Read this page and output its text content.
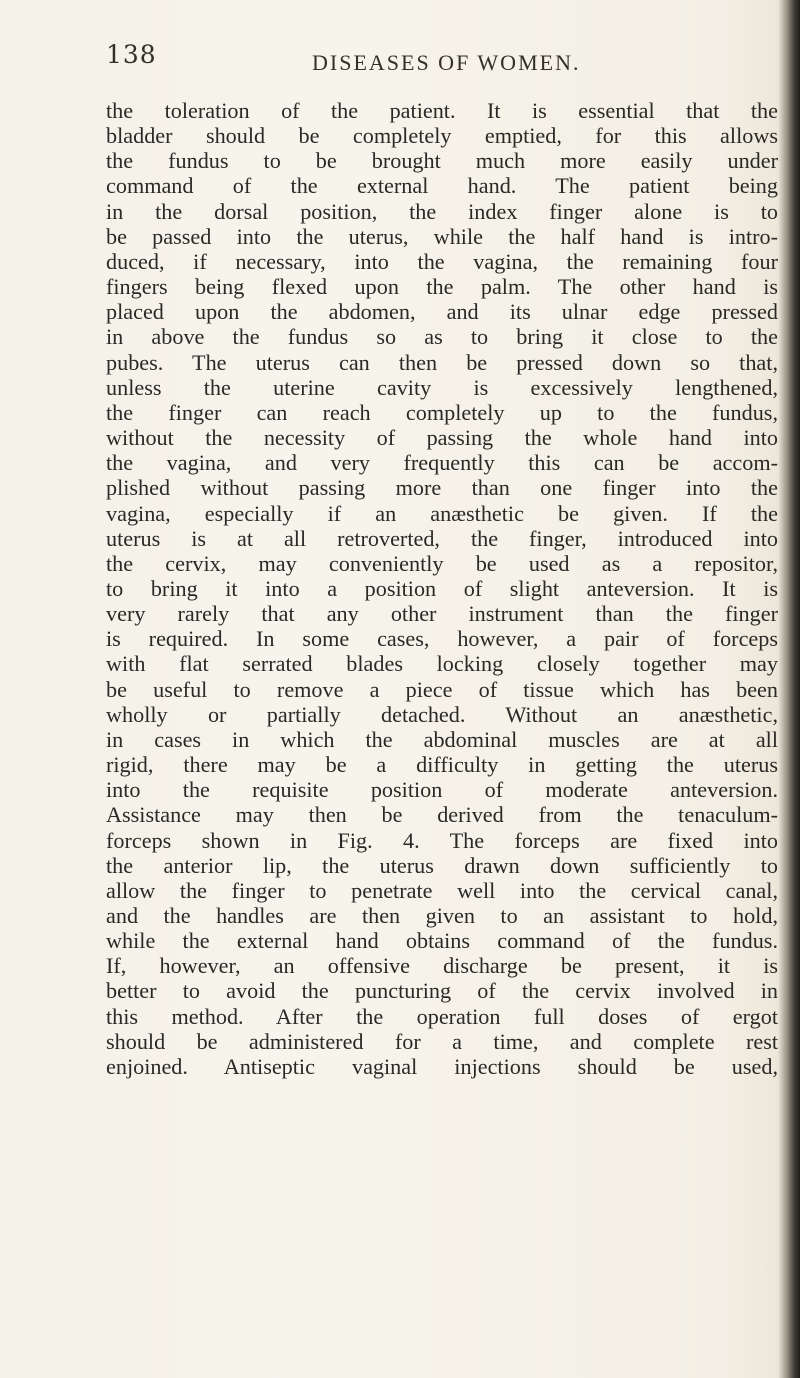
138	DISEASES OF WOMEN.
the toleration of the patient. It is essential that the
bladder should be completely emptied, for this allows
the fundus to be brought much more easily under
command of the external hand. The patient being
in the dorsal position, the index finger alone is to
be passed into the uterus, while the half hand is intro-
duced, if necessary, into the vagina, the remaining four
fingers being flexed upon the palm. The other hand is
placed upon the abdomen, and its ulnar edge pressed
in above the fundus so as to bring it close to the
pubes. The uterus can then be pressed down so that,
unless the uterine cavity is excessively lengthened,
the finger can reach completely up to the fundus,
without the necessity of passing the whole hand into
the vagina, and very frequently this can be accom-
plished without passing more than one finger into the
vagina, especially if an anæsthetic be given. If the
uterus is at all retroverted, the finger, introduced into
the cervix, may conveniently be used as a repositor,
to bring it into a position of slight anteversion. It is
very rarely that any other instrument than the finger
is required. In some cases, however, a pair of forceps
with flat serrated blades locking closely together may
be useful to remove a piece of tissue which has been
wholly or partially detached. Without an anæsthetic,
in cases in which the abdominal muscles are at all
rigid, there may be a difficulty in getting the uterus
into the requisite position of moderate anteversion.
Assistance may then be derived from the tenaculum-
forceps shown in Fig. 4. The forceps are fixed into
the anterior lip, the uterus drawn down sufficiently to
allow the finger to penetrate well into the cervical canal,
and the handles are then given to an assistant to hold,
while the external hand obtains command of the fundus.
If, however, an offensive discharge be present, it is
better to avoid the puncturing of the cervix involved in
this method. After the operation full doses of ergot
should be administered for a time, and complete rest
enjoined. Antiseptic vaginal injections should be used,
